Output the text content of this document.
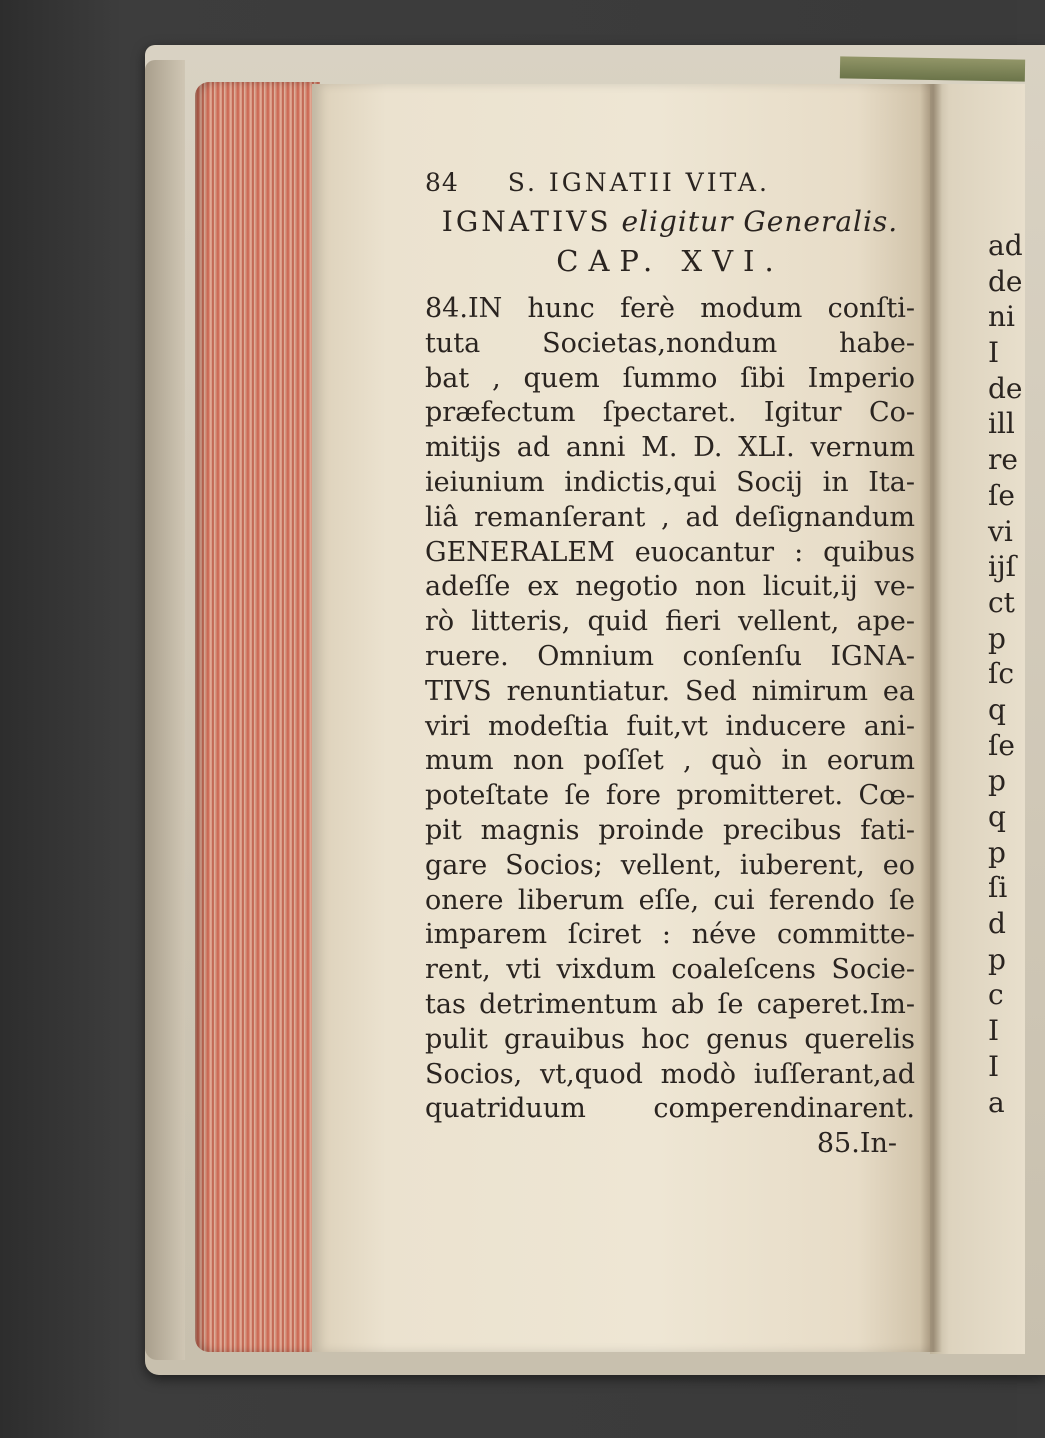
84 S. IGNATII VITA.
IGNATIVS eligitur Generalis.
CAP. XVI.
84.IN hunc ferè modum conſti-
tuta Societas,nondum habe-
bat , quem ſummo ſibi Imperio
præfectum ſpectaret. Igitur Co-
mitijs ad anni M. D. XLI. vernum
ieiunium indictis,qui Socij in Ita-
liâ remanſerant , ad deſignandum
GENERALEM euocantur : quibus
adeſſe ex negotio non licuit,ij ve-
rò litteris, quid fieri vellent, ape-
ruere. Omnium conſenſu IGNA-
TIVS renuntiatur. Sed nimirum ea
viri modeſtia fuit,vt inducere ani-
mum non poſſet , quò in eorum
poteſtate ſe fore promitteret. Cœ-
pit magnis proinde precibus fati-
gare Socios; vellent, iuberent, eo
onere liberum eſſe, cui ferendo ſe
imparem ſciret : néve committe-
rent, vti vixdum coaleſcens Socie-
tas detrimentum ab ſe caperet.Im-
pulit grauibus hoc genus querelis
Socios, vt,quod modò iuſſerant,ad
quatriduum comperendinarent.
85.In-
ad
de
ni
I
de
ill
re
ſe
vi
ijſ
ct
p
ſc
q
ſe
p
q
p
ſi
d
p
c
I
I
a
